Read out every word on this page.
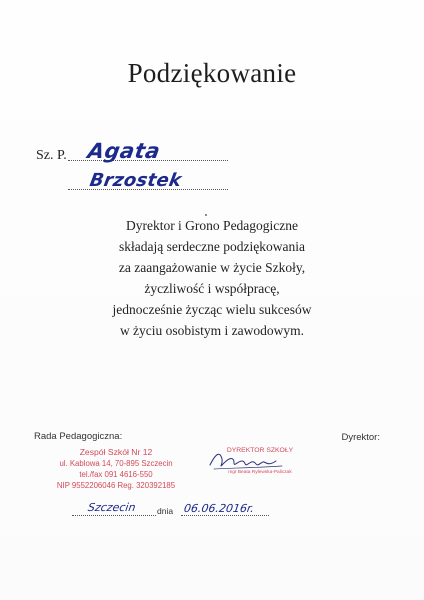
Podziękowanie
Sz. P. Agata
Brzostek
Dyrektor i Grono Pedagogiczne
składają serdeczne podziękowania
za zaangażowanie w życie Szkoły,
życzliwość i współpracę,
jednocześnie życząc wielu sukcesów
w życiu osobistym i zawodowym.
Rada Pedagogiczna:	Dyrektor:
Zespół Szkół Nr 12
ul. Kablowa 14, 70-895 Szczecin
tel./fax 091 4616-550
NIP 9552206046 Reg. 320392185
DYREKTOR SZKOŁY
mgr Beata Rylewska-Paliczak
Szczecin dnia 06.06.2016r.
